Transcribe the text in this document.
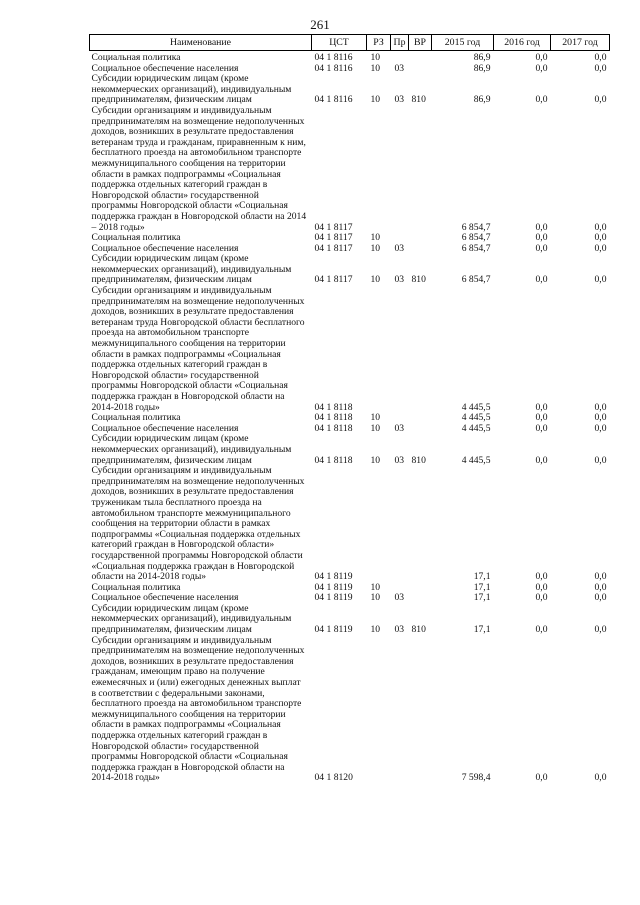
261
Наименование	ЦСТ	РЗ	Пр	ВР	2015 год	2016 год	2017 год
Социальная политика	04 1 8116	10			86,9	0,0	0,0
Социальное обеспечение населения	04 1 8116	10	03		86,9	0,0	0,0
Субсидии юридическим лицам (кроме некоммерческих организаций), индивидуальным предпринимателям, физическим лицам	04 1 8116	10	03	810	86,9	0,0	0,0
Субсидии организациям и индивидуальным предпринимателям на возмещение недополученных доходов, возникших в результате предоставления ветеранам труда и гражданам, приравненным к ним, бесплатного проезда на автомобильном транспорте межмуниципального сообщения на территории области в рамках подпрограммы «Социальная поддержка отдельных категорий граждан в Новгородской области» государственной программы Новгородской области «Социальная поддержка граждан в Новгородской области на 2014 – 2018 годы»	04 1 8117				6 854,7	0,0	0,0
Социальная политика	04 1 8117	10			6 854,7	0,0	0,0
Социальное обеспечение населения	04 1 8117	10	03		6 854,7	0,0	0,0
Субсидии юридическим лицам (кроме некоммерческих организаций), индивидуальным предпринимателям, физическим лицам	04 1 8117	10	03	810	6 854,7	0,0	0,0
Субсидии организациям и индивидуальным предпринимателям на возмещение недополученных доходов, возникших в результате предоставления ветеранам труда Новгородской области бесплатного проезда на автомобильном транспорте межмуниципального сообщения на территории области в рамках подпрограммы «Социальная поддержка отдельных категорий граждан в Новгородской области» государственной программы Новгородской области «Социальная поддержка граждан в Новгородской области на 2014-2018 годы»	04 1 8118				4 445,5	0,0	0,0
Социальная политика	04 1 8118	10			4 445,5	0,0	0,0
Социальное обеспечение населения	04 1 8118	10	03		4 445,5	0,0	0,0
Субсидии юридическим лицам (кроме некоммерческих организаций), индивидуальным предпринимателям, физическим лицам	04 1 8118	10	03	810	4 445,5	0,0	0,0
Субсидии организациям и индивидуальным предпринимателям на возмещение недополученных доходов, возникших в результате предоставления труженикам тыла бесплатного проезда на автомобильном транспорте межмуниципального сообщения на территории области в рамках подпрограммы «Социальная поддержка отдельных категорий граждан в Новгородской области» государственной программы Новгородской области «Социальная поддержка граждан в Новгородской области на 2014-2018 годы»	04 1 8119				17,1	0,0	0,0
Социальная политика	04 1 8119	10			17,1	0,0	0,0
Социальное обеспечение населения	04 1 8119	10	03		17,1	0,0	0,0
Субсидии юридическим лицам (кроме некоммерческих организаций), индивидуальным предпринимателям, физическим лицам	04 1 8119	10	03	810	17,1	0,0	0,0
Субсидии организациям и индивидуальным предпринимателям на возмещение недополученных доходов, возникших в результате предоставления гражданам, имеющим право на получение ежемесячных и (или) ежегодных денежных выплат в соответствии с федеральными законами, бесплатного проезда на автомобильном транспорте межмуниципального сообщения на территории области в рамках подпрограммы «Социальная поддержка отдельных категорий граждан в Новгородской области» государственной программы Новгородской области «Социальная поддержка граждан в Новгородской области на 2014-2018 годы»	04 1 8120				7 598,4	0,0	0,0
